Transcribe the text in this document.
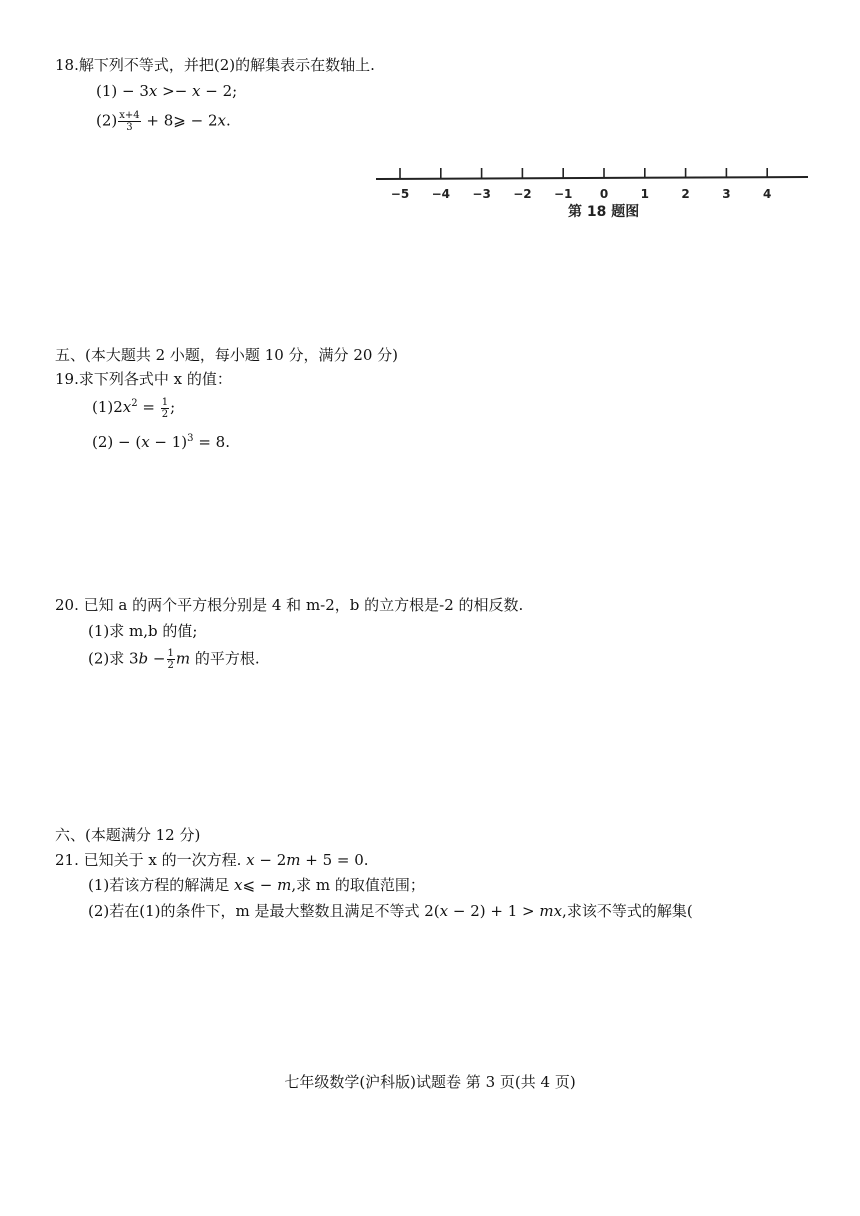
18.解下列不等式，并把(2)的解集表示在数轴上.
(1) − 3𝑥 >− 𝑥 − 2;
$(2) \frac{x+4}{3}$ + 8⩾ − 2𝑥.
−5 −4 −3 −2 −1 0	1	2	3	4
第 18 题图
五、(本大题共 2 小题，每小题 10 分，满分 20 分)
19.求下列各式中 x 的值：
(1)2𝑥$^2$ = $\frac{1}{2}$ ;
(2) − (𝑥 − 1)$^3$ = 8.
20. 已知 a 的两个平方根分别是 4 和 m-2，b 的立方根是-2 的相反数.
(1)求 m,b 的值;
(2)求 3𝑏 − $\frac{1}{2}$ 𝑚 的平方根.
六、(本题满分 12 分)
21. 已知关于 x 的一次方程. 𝑥 − 2𝑚 + 5 = 0.
(1)若该方程的解满足 𝑥⩽ − 𝑚,求 m 的取值范围；
(2)若在(1)的条件下，m 是最大整数且满足不等式 2(𝑥 − 2) + 1 > 𝑚𝑥,求该不等式的解集(
七年级数学(沪科版)试题卷 第 3 页(共 4 页)
